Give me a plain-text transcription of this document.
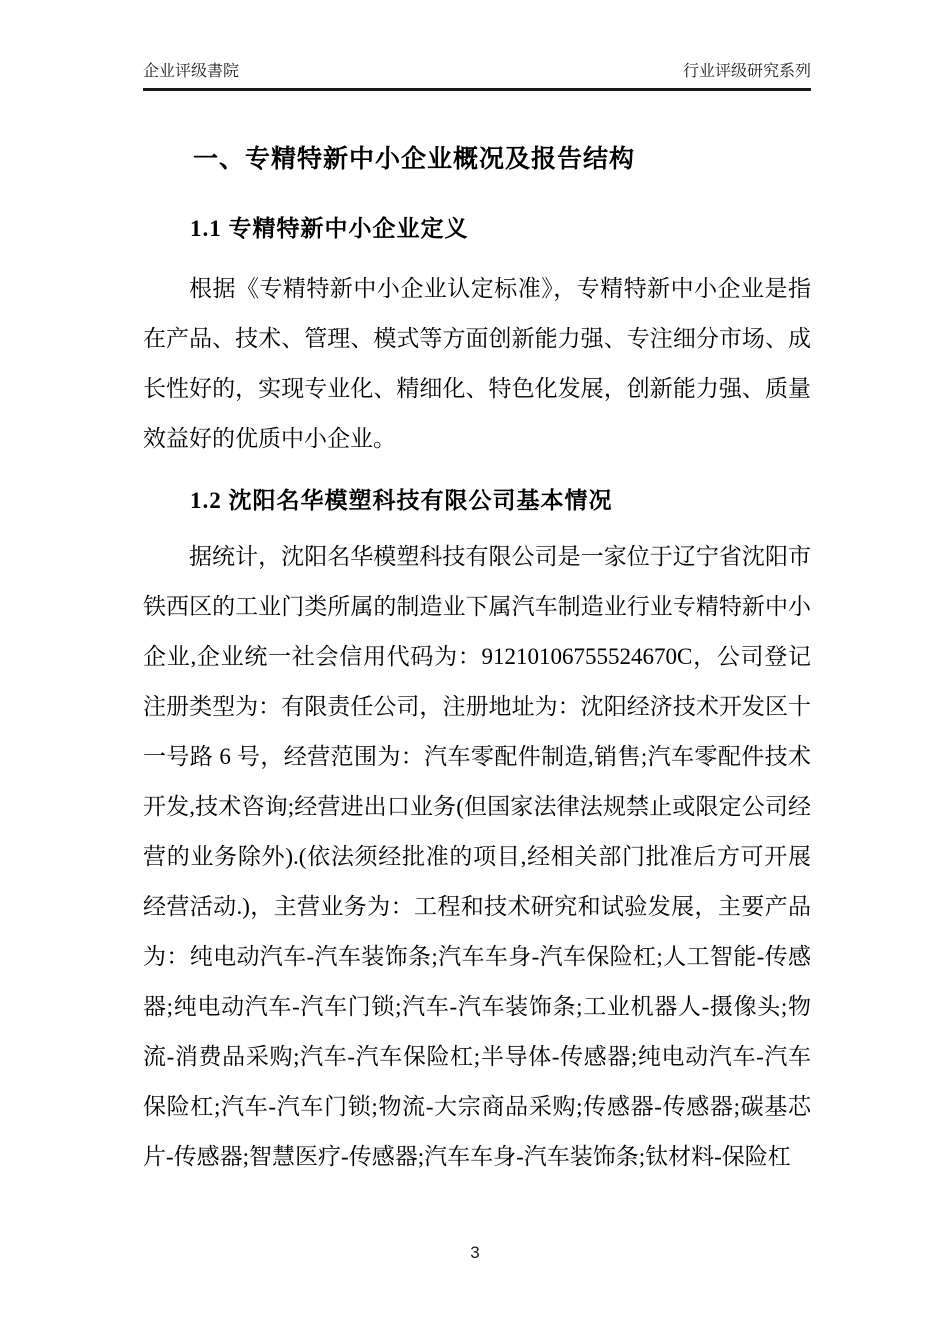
企业评级書院	行业评级研究系列
一、专精特新中小企业概况及报告结构
1.1 专精特新中小企业定义

根据《专精特新中小企业认定标准》，专精特新中小企业是指在产品、技术、管理、模式等方面创新能力强、专注细分市场、成长性好的，实现专业化、精细化、特色化发展，创新能力强、质量效益好的优质中小企业。

1.2 沈阳名华模塑科技有限公司基本情况

据统计，沈阳名华模塑科技有限公司是一家位于辽宁省沈阳市铁西区的工业门类所属的制造业下属汽车制造业行业专精特新中小企业,企业统一社会信用代码为：91210106755524670C，公司登记注册类型为：有限责任公司，注册地址为：沈阳经济技术开发区十一号路 6 号，经营范围为：汽车零配件制造,销售;汽车零配件技术开发,技术咨询;经营进出口业务(但国家法律法规禁止或限定公司经营的业务除外).(依法须经批准的项目,经相关部门批准后方可开展经营活动.)，主营业务为：工程和技术研究和试验发展，主要产品为：纯电动汽车-汽车装饰条;汽车车身-汽车保险杠;人工智能-传感器;纯电动汽车-汽车门锁;汽车-汽车装饰条;工业机器人-摄像头;物流-消费品采购;汽车-汽车保险杠;半导体-传感器;纯电动汽车-汽车保险杠;汽车-汽车门锁;物流-大宗商品采购;传感器-传感器;碳基芯片-传感器;智慧医疗-传感器;汽车车身-汽车装饰条;钛材料-保险杠

3
